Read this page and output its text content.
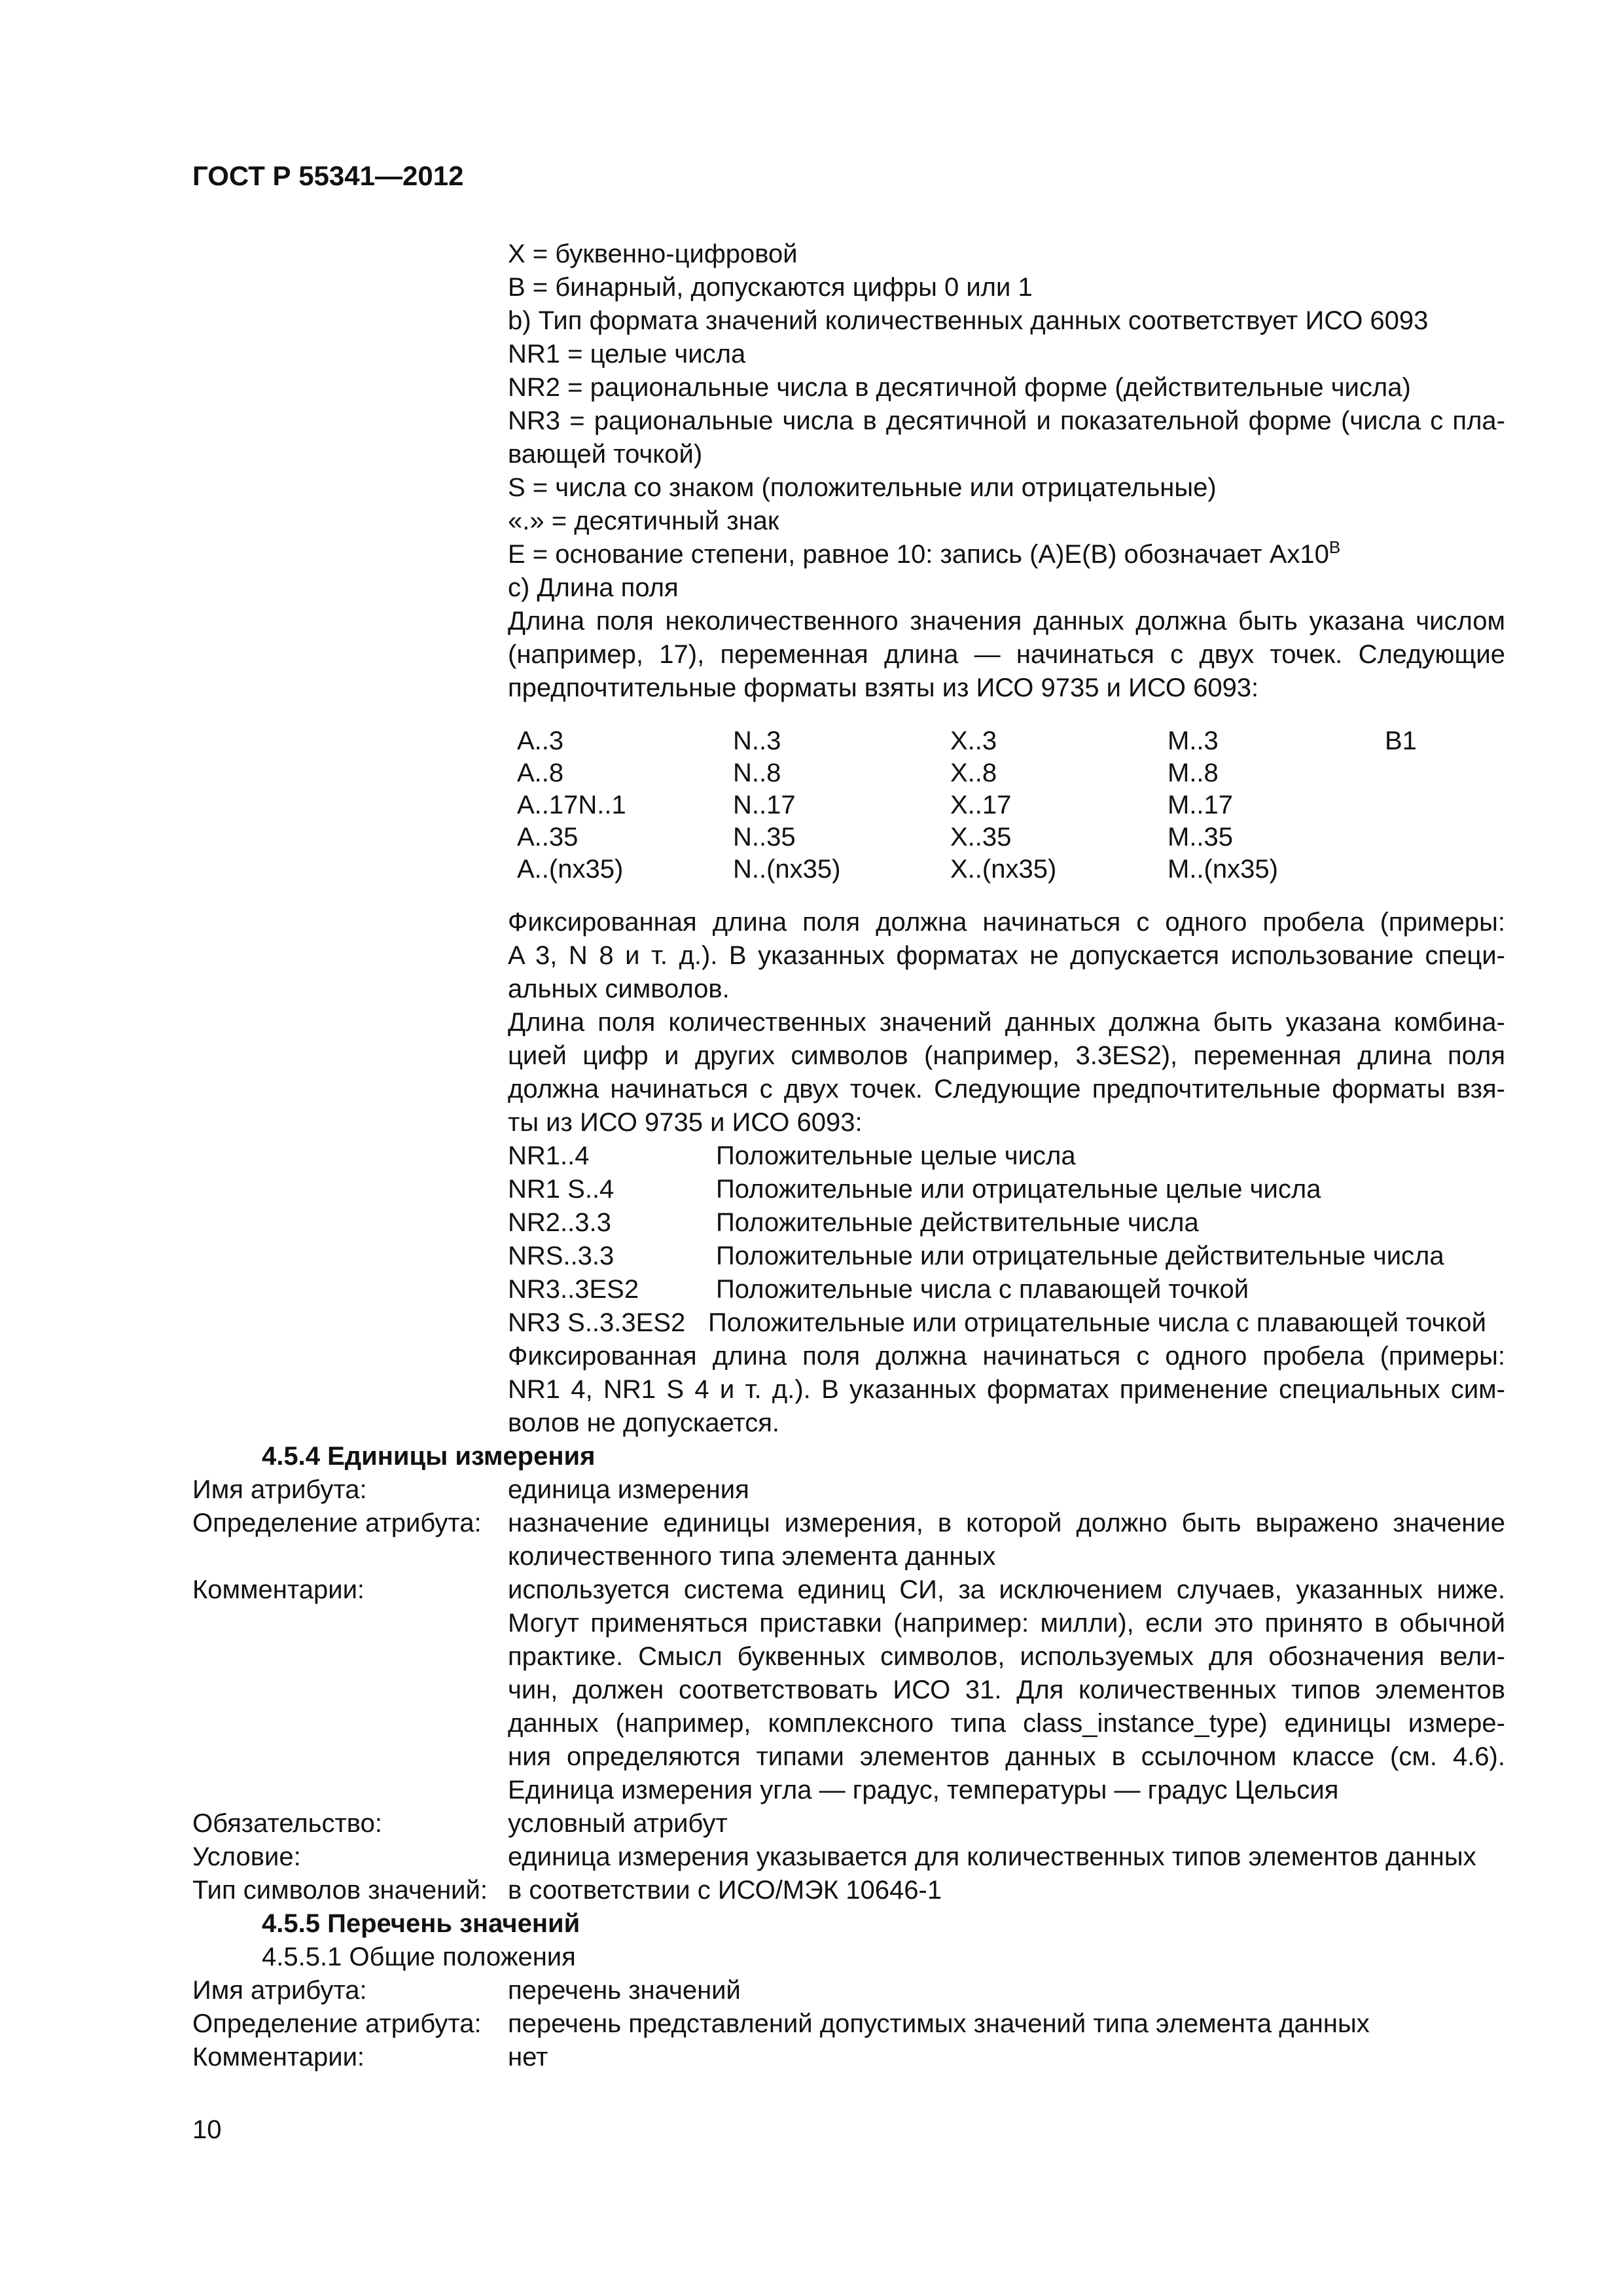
ГОСТ Р 55341—2012
X = буквенно-цифровой
B = бинарный, допускаются цифры 0 или 1
b) Тип формата значений количественных данных соответствует ИСО 6093
NR1 = целые числа
NR2 = рациональные числа в десятичной форме (действительные числа)
NR3 = рациональные числа в десятичной и показательной форме (числа с пла-
вающей точкой)
S = числа со знаком (положительные или отрицательные)
«.» = десятичный знак
E = основание степени, равное 10: запись (A)E(B) обозначает $Ax10^B$
c) Длина поля
Длина поля неколичественного значения данных должна быть указана числом
(например, 17), переменная длина — начинаться с двух точек. Следующие
предпочтительные форматы взяты из ИСО 9735 и ИСО 6093:
A..3	N..3	X..3	M..3	B1
A..8	N..8	X..8	M..8
A..17N..1	N..17	X..17	M..17
A..35	N..35	X..35	M..35
A..(nx35)	N..(nx35)	X..(nx35)	M..(nx35)
Фиксированная длина поля должна начинаться с одного пробела (примеры:
A 3, N 8 и т. д.). В указанных форматах не допускается использование специ-
альных символов.
Длина поля количественных значений данных должна быть указана комбина-
цией цифр и других символов (например, 3.3ES2), переменная длина поля
должна начинаться с двух точек. Следующие предпочтительные форматы взя-
ты из ИСО 9735 и ИСО 6093:
NR1..4	Положительные целые числа
NR1 S..4	Положительные или отрицательные целые числа
NR2..3.3	Положительные действительные числа
NRS..3.3	Положительные или отрицательные действительные числа
NR3..3ES2	Положительные числа с плавающей точкой
NR3 S..3.3ES2 Положительные или отрицательные числа с плавающей точкой
Фиксированная длина поля должна начинаться с одного пробела (примеры:
NR1 4, NR1 S 4 и т. д.). В указанных форматах применение специальных сим-
волов не допускается.
4.5.4 Единицы измерения
Имя атрибута:	единица измерения
Определение атрибута: назначение единицы измерения, в которой должно быть выражено значение
количественного типа элемента данных
Комментарии:	используется система единиц СИ, за исключением случаев, указанных ниже.
Могут применяться приставки (например: милли), если это принято в обычной
практике. Смысл буквенных символов, используемых для обозначения вели-
чин, должен соответствовать ИСО 31. Для количественных типов элементов
данных (например, комплексного типа class_instance_type) единицы измере-
ния определяются типами элементов данных в ссылочном классе (см. 4.6).
Единица измерения угла — градус, температуры — градус Цельсия
Обязательство:	условный атрибут
Условие:	единица измерения указывается для количественных типов элементов данных
Тип символов значений: в соответствии с ИСО/МЭК 10646-1
4.5.5 Перечень значений
4.5.5.1 Общие положения
Имя атрибута:	перечень значений
Определение атрибута: перечень представлений допустимых значений типа элемента данных
Комментарии:	нет
10
